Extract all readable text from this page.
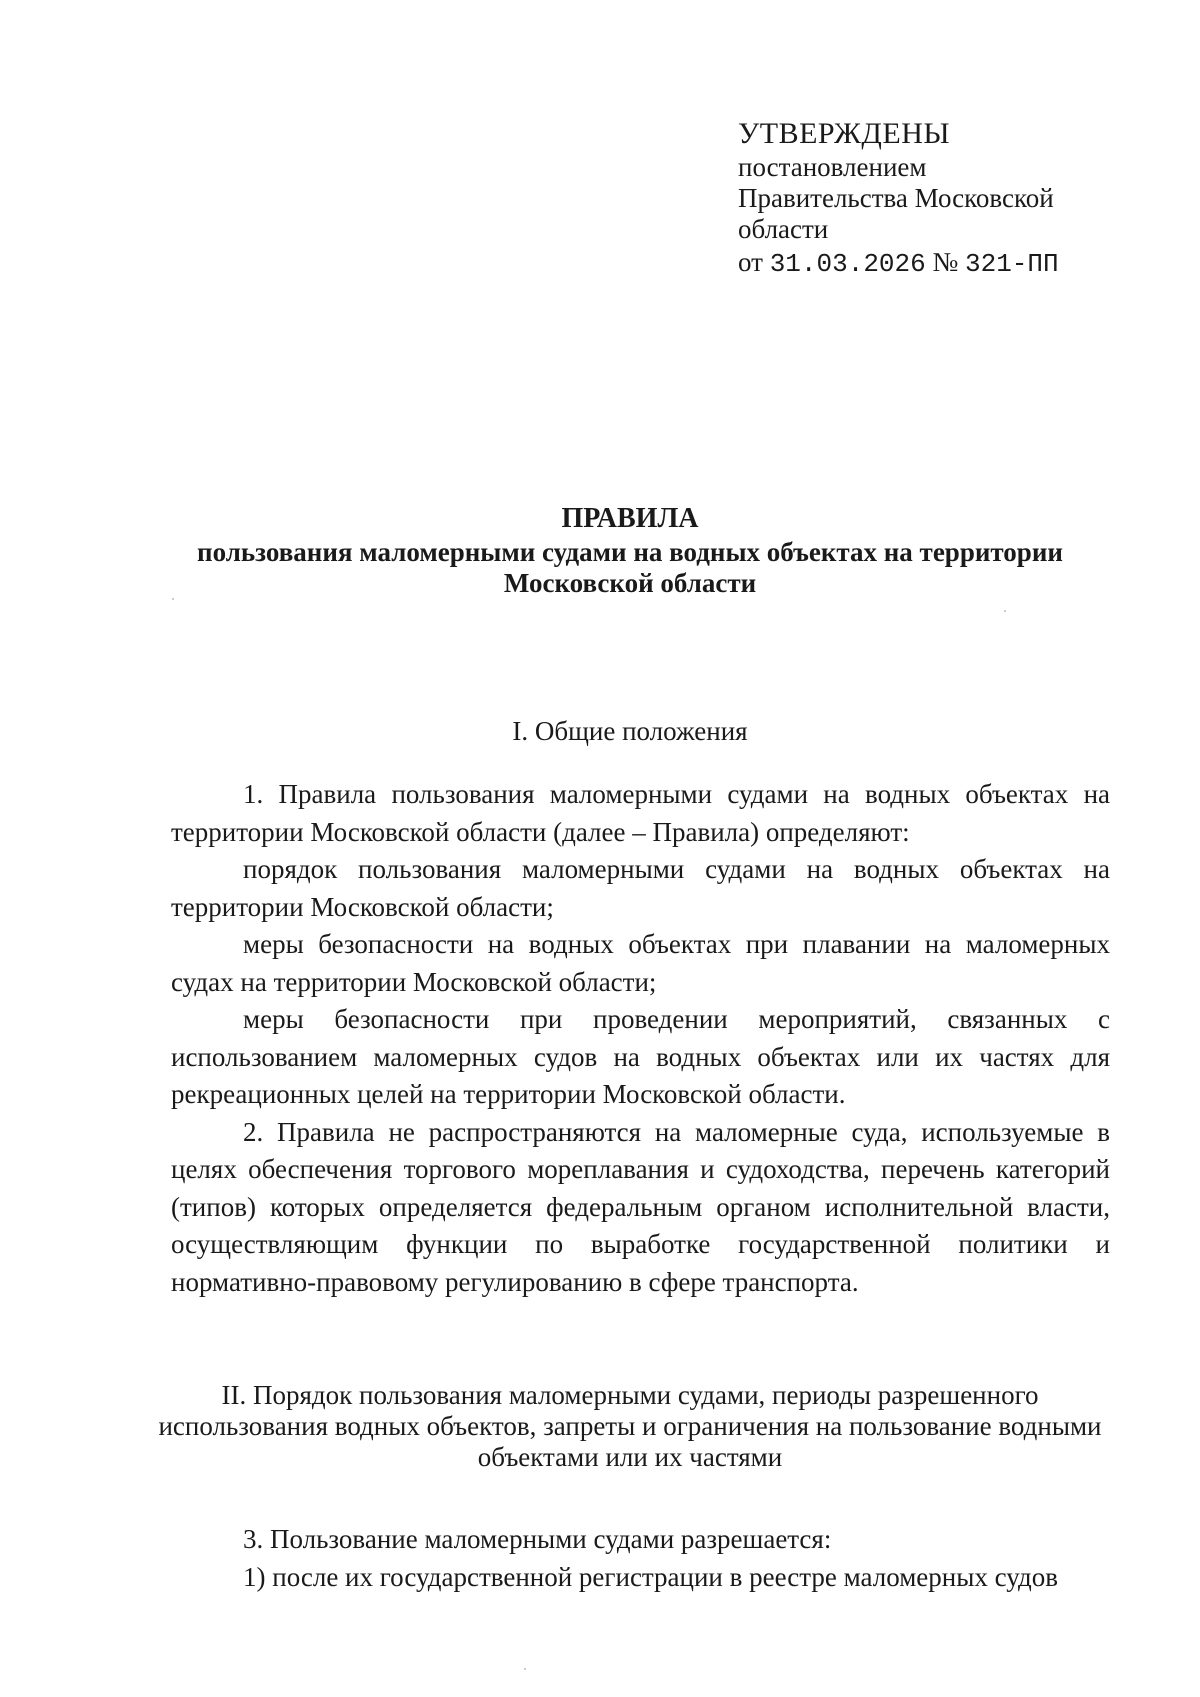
УТВЕРЖДЕНЫ
постановлением
Правительства Московской
области
от 31.03.2026 № 321-ПП
ПРАВИЛА
пользования маломерными судами на водных объектах на территории Московской области
I. Общие положения

1. Правила пользования маломерными судами на водных объектах на территории Московской области (далее – Правила) определяют:

порядок пользования маломерными судами на водных объектах на территории Московской области;

меры безопасности на водных объектах при плавании на маломерных судах на территории Московской области;

меры безопасности при проведении мероприятий, связанных с использованием маломерных судов на водных объектах или их частях для рекреационных целей на территории Московской области.

2. Правила не распространяются на маломерные суда, используемые в целях обеспечения торгового мореплавания и судоходства, перечень категорий (типов) которых определяется федеральным органом исполнительной власти, осуществляющим функции по выработке государственной политики и нормативно-правовому регулированию в сфере транспорта.

II. Порядок пользования маломерными судами, периоды разрешенного использования водных объектов, запреты и ограничения на пользование водными объектами или их частями

3. Пользование маломерными судами разрешается:

1) после их государственной регистрации в реестре маломерных судов
